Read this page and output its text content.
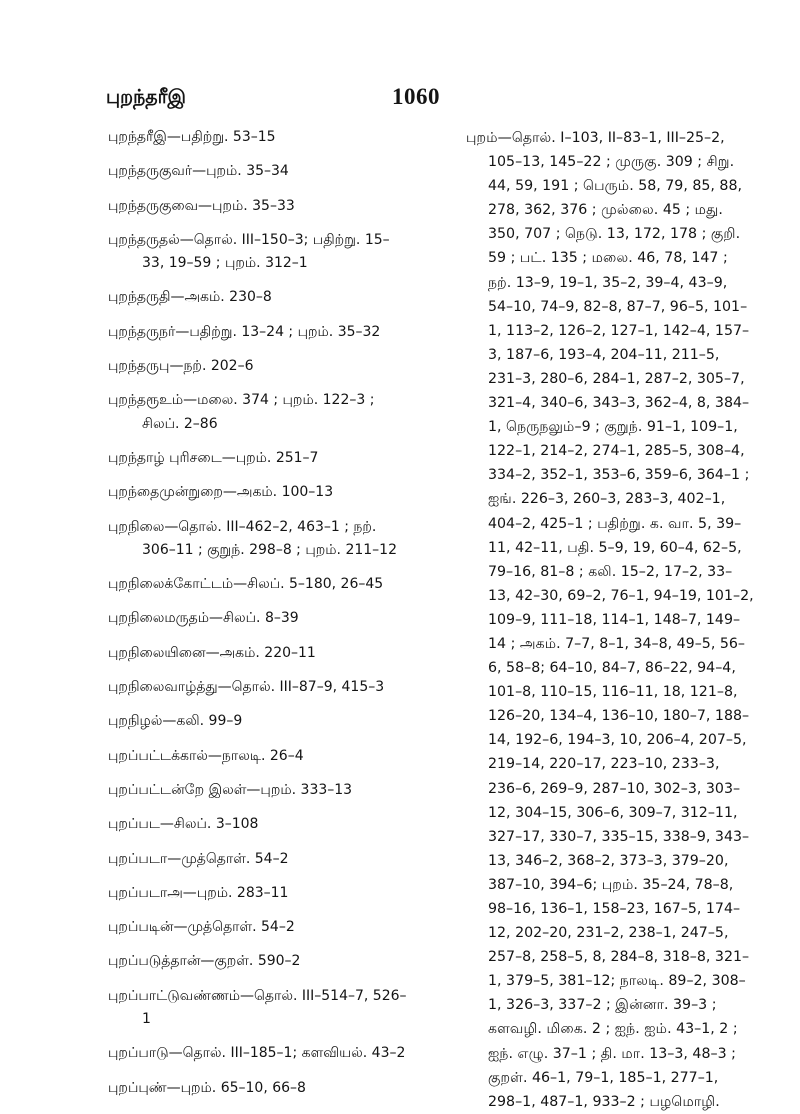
புறந்தரீஇ	1060
புறந்தரீஇ—பதிற்று. 53–15
புறந்தருகுவர்—புறம். 35–34
புறந்தருகுவை—புறம். 35–33
புறந்தருதல்—தொல். III–150–3; பதிற்று. 15–33, 19–59 ; புறம். 312–1
புறந்தருதி—அகம். 230–8
புறந்தருநர்—பதிற்று. 13–24 ; புறம். 35–32
புறந்தருபு—நற். 202–6
புறந்தரூஉம்—மலை. 374 ; புறம். 122–3 ; சிலப். 2–86
புறந்தாழ் புரிசடை—புறம். 251–7
புறந்தைமுன்றுறை—அகம். 100–13
புறநிலை—தொல். III–462–2, 463–1 ; நற். 306–11 ; குறுந். 298–8 ; புறம். 211–12
புறநிலைக்கோட்டம்—சிலப். 5–180, 26–45
புறநிலைமருதம்—சிலப். 8–39
புறநிலையினை—அகம். 220–11
புறநிலைவாழ்த்து—தொல். III–87–9, 415–3
புறநிழல்—கலி. 99–9
புறப்பட்டக்கால்—நாலடி. 26–4
புறப்பட்டன்றே இலள்—புறம். 333–13
புறப்பட—சிலப். 3–108
புறப்படா—முத்தொள். 54–2
புறப்படாஅ—புறம். 283–11
புறப்படின்—முத்தொள். 54–2
புறப்படுத்தான்—குறள். 590–2
புறப்பாட்டுவண்ணம்—தொல். III–514–7, 526–1
புறப்பாடு—தொல். III–185–1; களவியல். 43–2
புறப்புண்—புறம். 65–10, 66–8
புறம்—தொல். I–103, II–83–1, III–25–2, 105–13, 145–22 ; முருகு. 309 ; சிறு. 44, 59, 191 ; பெரும். 58, 79, 85, 88, 278, 362, 376 ; முல்லை. 45 ; மது. 350, 707 ; நெடு. 13, 172, 178 ; குறி. 59 ; பட். 135 ; மலை. 46, 78, 147 ; நற். 13–9, 19–1, 35–2, 39–4, 43–9, 54–10, 74–9, 82–8, 87–7, 96–5, 101–1, 113–2, 126–2, 127–1, 142–4, 157–3, 187–6, 193–4, 204–11, 211–5, 231–3, 280–6, 284–1, 287–2, 305–7, 321–4, 340–6, 343–3, 362–4, 8, 384–1, நெருநலும்–9 ; குறுந். 91–1, 109–1, 122–1, 214–2, 274–1, 285–5, 308–4, 334–2, 352–1, 353–6, 359–6, 364–1 ; ஐங். 226–3, 260–3, 283–3, 402–1, 404–2, 425–1 ; பதிற்று. க. வா. 5, 39–11, 42–11, பதி. 5–9, 19, 60–4, 62–5, 79–16, 81–8 ; கலி. 15–2, 17–2, 33–13, 42–30, 69–2, 76–1, 94–19, 101–2, 109–9, 111–18, 114–1, 148–7, 149–14 ; அகம். 7–7, 8–1, 34–8, 49–5, 56–6, 58–8; 64–10, 84–7, 86–22, 94–4, 101–8, 110–15, 116–11, 18, 121–8, 126–20, 134–4, 136–10, 180–7, 188–14, 192–6, 194–3, 10, 206–4, 207–5, 219–14, 220–17, 223–10, 233–3, 236–6, 269–9, 287–10, 302–3, 303–12, 304–15, 306–6, 309–7, 312–11, 327–17, 330–7, 335–15, 338–9, 343–13, 346–2, 368–2, 373–3, 379–20, 387–10, 394–6; புறம். 35–24, 78–8, 98–16, 136–1, 158–23, 167–5, 174–12, 202–20, 231–2, 238–1, 247–5, 257–8, 258–5, 8, 284–8, 318–8, 321–1, 379–5, 381–12; நாலடி. 89–2, 308–1, 326–3, 337–2 ; இன்னா. 39–3 ; களவழி. மிகை. 2 ; ஐந். ஐம். 43–1, 2 ; ஐந். எழு. 37–1 ; தி. மா. 13–3, 48–3 ; குறள். 46–1, 79–1, 185–1, 277–1, 298–1, 487–1, 933–2 ; பழமொழி.
